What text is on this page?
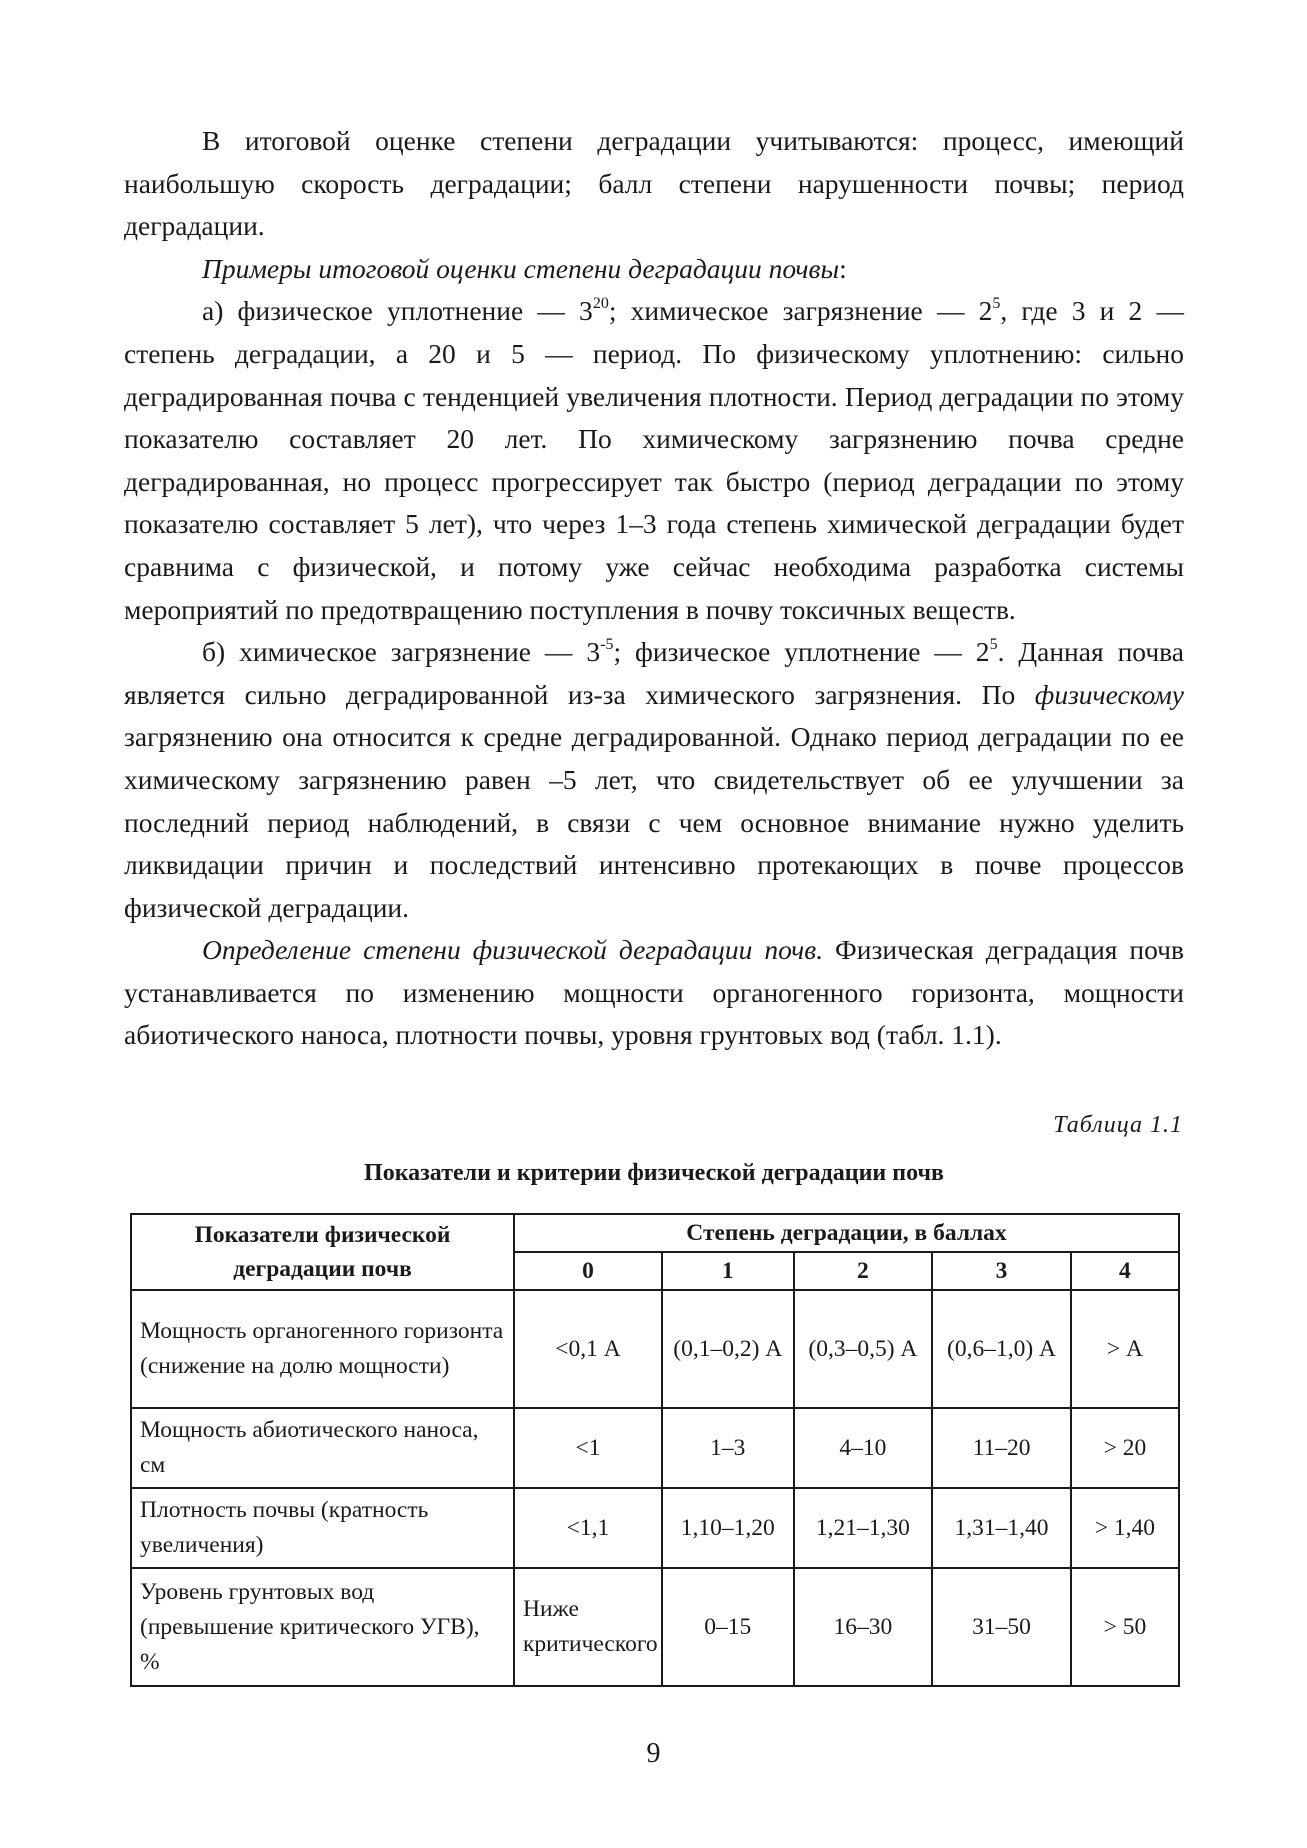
В итоговой оценке степени деградации учитываются: процесс, имеющий наибольшую скорость деградации; балл степени нарушенности почвы; период деградации.

Примеры итоговой оценки степени деградации почвы:

а) физическое уплотнение — $3^{20}$; химическое загрязнение — $2^5$, где 3 и 2 — степень деградации, а 20 и 5 — период. По физическому уплотнению: сильно деградированная почва с тенденцией увеличения плотности. Период деградации по этому показателю составляет 20 лет. По химическому загрязнению почва средне деградированная, но процесс прогрессирует так быстро (период деградации по этому показателю составляет 5 лет), что через 1–3 года степень химической деградации будет сравнима с физической, и потому уже сейчас необходима разработка системы мероприятий по предотвращению поступления в почву токсичных веществ.

б) химическое загрязнение — $3^{-5}$; физическое уплотнение — $2^5$. Данная почва является сильно деградированной из-за химического загрязнения. По физическому загрязнению она относится к средне деградированной. Однако период деградации по ее химическому загрязнению равен –5 лет, что свидетельствует об ее улучшении за последний период наблюдений, в связи с чем основное внимание нужно уделить ликвидации причин и последствий интенсивно протекающих в почве процессов физической деградации.

Определение степени физической деградации почв. Физическая деградация почв устанавливается по изменению мощности органогенного горизонта, мощности абиотического наноса, плотности почвы, уровня грунтовых вод (табл. 1.1).

Таблица 1.1
Показатели и критерии физической деградации почв
Показатели физической деградации почв	Степень деградации, в баллах				
	0	1	2	3	4
Мощность органогенного горизонта (снижение на долю мощности)	<0,1 А	(0,1–0,2) А	(0,3–0,5) А	(0,6–1,0) А	> А
Мощность абиотического наноса, см	<1	1–3	4–10	11–20	> 20
Плотность почвы (кратность увеличения)	<1,1	1,10–1,20	1,21–1,30	1,31–1,40	> 1,40
Уровень грунтовых вод (превышение критического УГВ), %	Ниже критического	0–15	16–30	31–50	> 50
9
